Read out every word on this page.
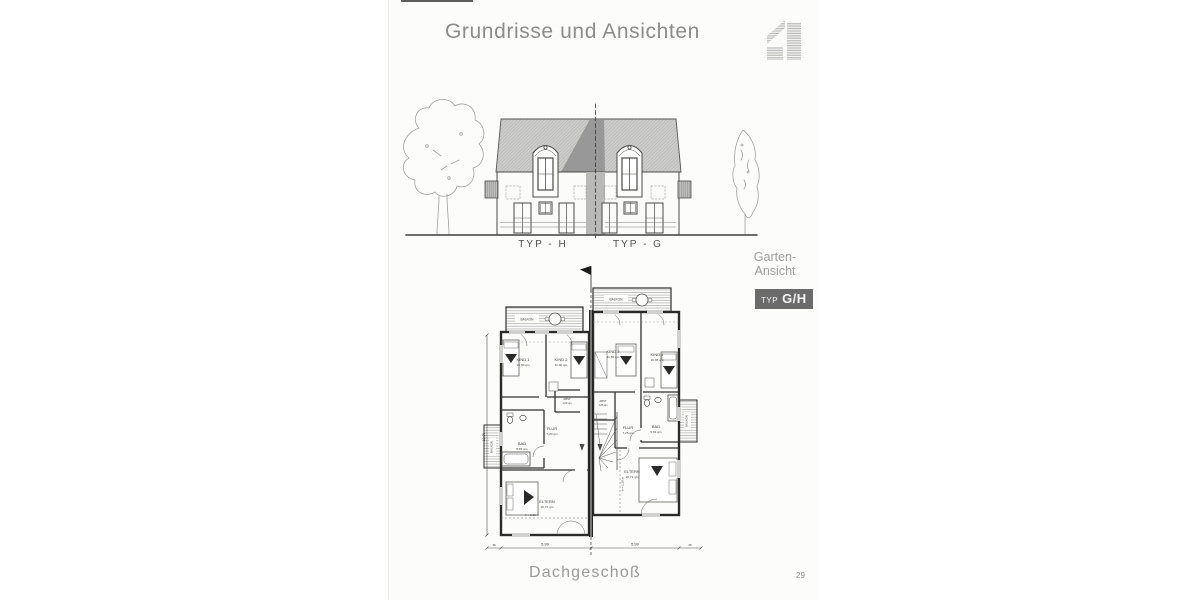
Grundrisse und Ansichten
BALKON
BALKON
BALKON
BALKON
KIND 1
15,00 qm
KIND 2
11,00 qm
BAD
5,81 qm
FLUR
7,20 qm
ABST
1,06 qm
ELTERN
16,71 qm
h = 2,20 m
KIND 2
11,65 qm	KIND 1
16,35 qm
ABST
1,86 qm
FLUR
7,25 qm
BAD
5,81 qm
ELTERN
16,71 qm
h = 2,20 m
36	5,99	5,99	36
10,99
TYP - H	TYP - G
Garten-
Ansicht
TYP G/H
Dachgeschoß	29
